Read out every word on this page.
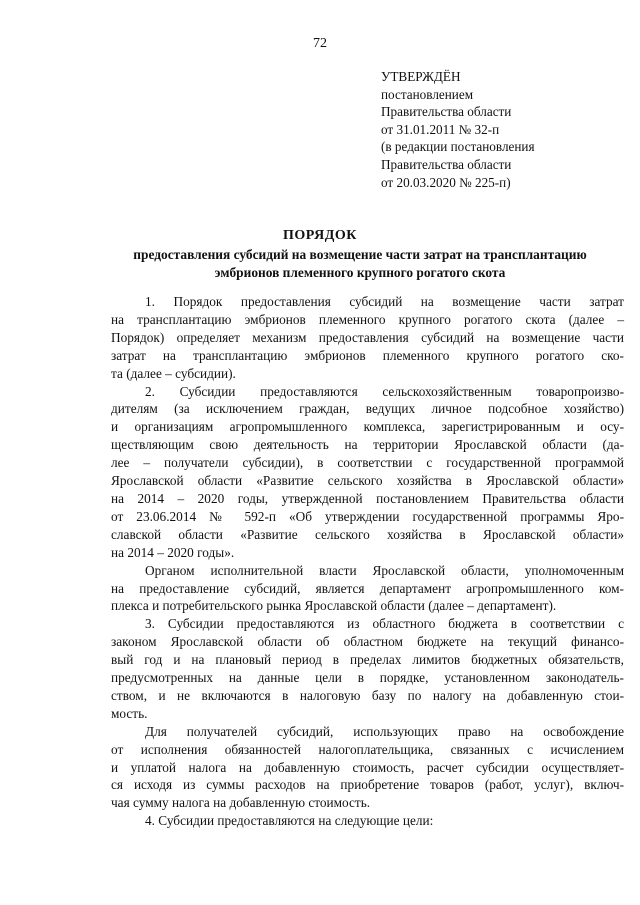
72
УТВЕРЖДЁН
постановлением
Правительства области
от 31.01.2011 № 32-п
(в редакции постановления
Правительства области
от 20.03.2020 № 225-п)
ПОРЯДОК
предоставления субсидий на возмещение части затрат на трансплантацию
эмбрионов племенного крупного рогатого скота
1. Порядок предоставления субсидий на возмещение части затрат
на трансплантацию эмбрионов племенного крупного рогатого скота (далее –
Порядок) определяет механизм предоставления субсидий на возмещение части
затрат на трансплантацию эмбрионов племенного крупного рогатого ско-
та (далее – субсидии).
2. Субсидии предоставляются сельскохозяйственным товаропроизво-
дителям (за исключением граждан, ведущих личное подсобное хозяйство)
и организациям агропромышленного комплекса, зарегистрированным и осу-
ществляющим свою деятельность на территории Ярославской области (да-
лее – получатели субсидии), в соответствии с государственной программой
Ярославской области «Развитие сельского хозяйства в Ярославской области»
на 2014 – 2020 годы, утвержденной постановлением Правительства области
от 23.06.2014 № 592-п «Об утверждении государственной программы Яро-
славской области «Развитие сельского хозяйства в Ярославской области»
на 2014 – 2020 годы».
Органом исполнительной власти Ярославской области, уполномоченным
на предоставление субсидий, является департамент агропромышленного ком-
плекса и потребительского рынка Ярославской области (далее – департамент).
3. Субсидии предоставляются из областного бюджета в соответствии с
законом Ярославской области об областном бюджете на текущий финансо-
вый год и на плановый период в пределах лимитов бюджетных обязательств,
предусмотренных на данные цели в порядке, установленном законодатель-
ством, и не включаются в налоговую базу по налогу на добавленную стои-
мость.
Для получателей субсидий, использующих право на освобождение
от исполнения обязанностей налогоплательщика, связанных с исчислением
и уплатой налога на добавленную стоимость, расчет субсидии осуществляет-
ся исходя из суммы расходов на приобретение товаров (работ, услуг), включ-
чая сумму налога на добавленную стоимость.
4. Субсидии предоставляются на следующие цели:
